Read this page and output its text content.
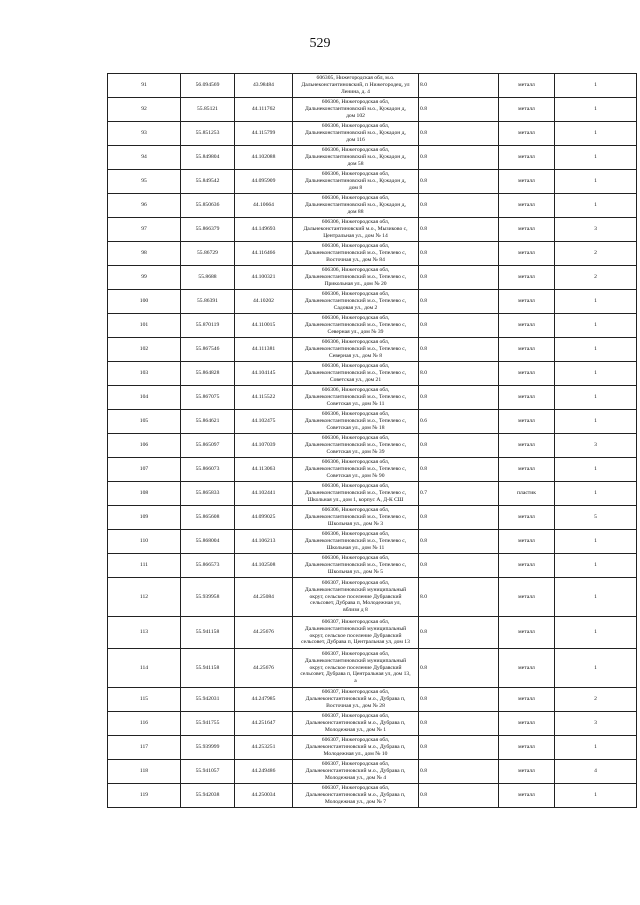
529
91	56.094569	43.98484	606305, Нижегородская обл, м.о.
Дальнеконстантиновский, п Нижегородец, ул
Ленина, д. 4	8.0	металл	1
92	55.85121	44.111762	606306, Нижегородская обл,
Дальнеконстантиновский м.о., Кужадон д,
дом 102	0.8	металл	1
93	55.851253	44.115799	606306, Нижегородская обл,
Дальнеконстантиновский м.о., Кужадон д,
дом 116	0.8	металл	1
94	55.849804	44.102088	606306, Нижегородская обл,
Дальнеконстантиновский м.о., Кужадон д,
дом 58	0.8	металл	1
95	55.849542	44.095909	606306, Нижегородская обл,
Дальнеконстантиновский м.о., Кужадон д,
дом 8	0.8	металл	1
96	55.850636	44.10664	606306, Нижегородская обл,
Дальнеконстантиновский м.о., Кужадон д,
дом 88	0.8	металл	1
97	55.866379	44.149693	606306, Нижегородская обл,
Дальнеконстантиновский м.о., Мызиково с,
Центральная ул., дом № 14	0.8	металл	3
98	55.86729	44.116466	606306, Нижегородская обл,
Дальнеконстантиновский м.о., Тепелево с,
Восточная ул., дом № 84	0.8	металл	2
99	55.8688	44.100321	606306, Нижегородская обл,
Дальнеконстантиновский м.о., Тепелево с,
Прикольная ул., дом № 20	0.8	металл	2
100	55.86391	44.10202	606306, Нижегородская обл,
Дальнеконстантиновский м.о., Тепелево с,
Садовая ул., дом 2	0.8	металл	1
101	55.870119	44.110015	606306, Нижегородская обл,
Дальнеконстантиновский м.о., Тепелево с,
Северная ул., дом № 39	0.8	металл	1
102	55.867546	44.111381	606306, Нижегородская обл,
Дальнеконстантиновский м.о., Тепелево с,
Северная ул., дом № 8	0.8	металл	1
103	55.864828	44.104145	606306, Нижегородская обл,
Дальнеконстантиновский м.о., Тепелево с,
Советская ул., дом 21	8.0	металл	1
104	55.867075	44.115522	606306, Нижегородская обл,
Дальнеконстантиновский м.о., Тепелево с,
Советская ул., дом № 11	0.8	металл	1
105	55.864621	44.102475	606306, Нижегородская обл,
Дальнеконстантиновский м.о., Тепелево с,
Советская ул., дом № 18	0.6	металл	1
106	55.865097	44.107039	606306, Нижегородская обл,
Дальнеконстантиновский м.о., Тепелево с,
Советская ул., дом № 39	0.8	металл	3
107	55.866073	44.113063	606306, Нижегородская обл,
Дальнеконстантиновский м.о., Тепелево с,
Советская ул., дом № 90	0.8	металл	1
108	55.865833	44.102441	606306, Нижегородская обл,
Дальнеконстантиновский м.о., Тепелево с,
Школьная ул., дом 1, корпус А, Д-К СШ	0.7	пластик	1
109	55.865608	44.099025	606306, Нижегородская обл,
Дальнеконстантиновский м.о., Тепелево с,
Школьная ул., дом № 3	0.8	металл	5
110	55.868004	44.106213	606306, Нижегородская обл,
Дальнеконстантиновский м.о., Тепелево с,
Школьная ул., дом № 11	0.8	металл	1
111	55.866573	44.102508	606306, Нижегородская обл,
Дальнеконстантиновский м.о., Тепелево с,
Школьная ул., дом № 5	0.8	металл	1
112	55.939958	44.25084	606307, Нижегородская обл,
Дальнеконстантиновский муниципальный
округ, сельское поселение Дубравский
сельсовет, Дубрава п, Молодежная ул,
вблизи д 8	8.0	металл	1
113	55.941158	44.25676	606307, Нижегородская обл,
Дальнеконстантиновский муниципальный
округ, сельское поселение Дубравский
сельсовет, Дубрава п, Центральная ул, дом 13	0.8	металл	1
114	55.941158	44.25676	606307, Нижегородская обл,
Дальнеконстантиновский муниципальный
округ, сельское поселение Дубравский
сельсовет, Дубрава п, Центральная ул, дом 13,
а	0.8	металл	1
115	55.942031	44.247985	606307, Нижегородская обл,
Дальнеконстантиновский м.о., Дубрава п,
Восточная ул., дом № 28	0.8	металл	2
116	55.941755	44.251647	606307, Нижегородская обл,
Дальнеконстантиновский м.о., Дубрава п,
Молодежная ул., дом № 1	0.8	металл	3
117	55.939999	44.253251	606307, Нижегородская обл,
Дальнеконстантиновский м.о., Дубрава п,
Молодежная ул., дом № 10	0.8	металл	1
118	55.941057	44.249486	606307, Нижегородская обл,
Дальнеконстантиновский м.о., Дубрава п,
Молодежная ул., дом № 4	0.8	металл	4
119	55.942038	44.250034	606307, Нижегородская обл,
Дальнеконстантиновский м.о., Дубрава п,
Молодежная ул., дом № 7	0.8	металл	1
